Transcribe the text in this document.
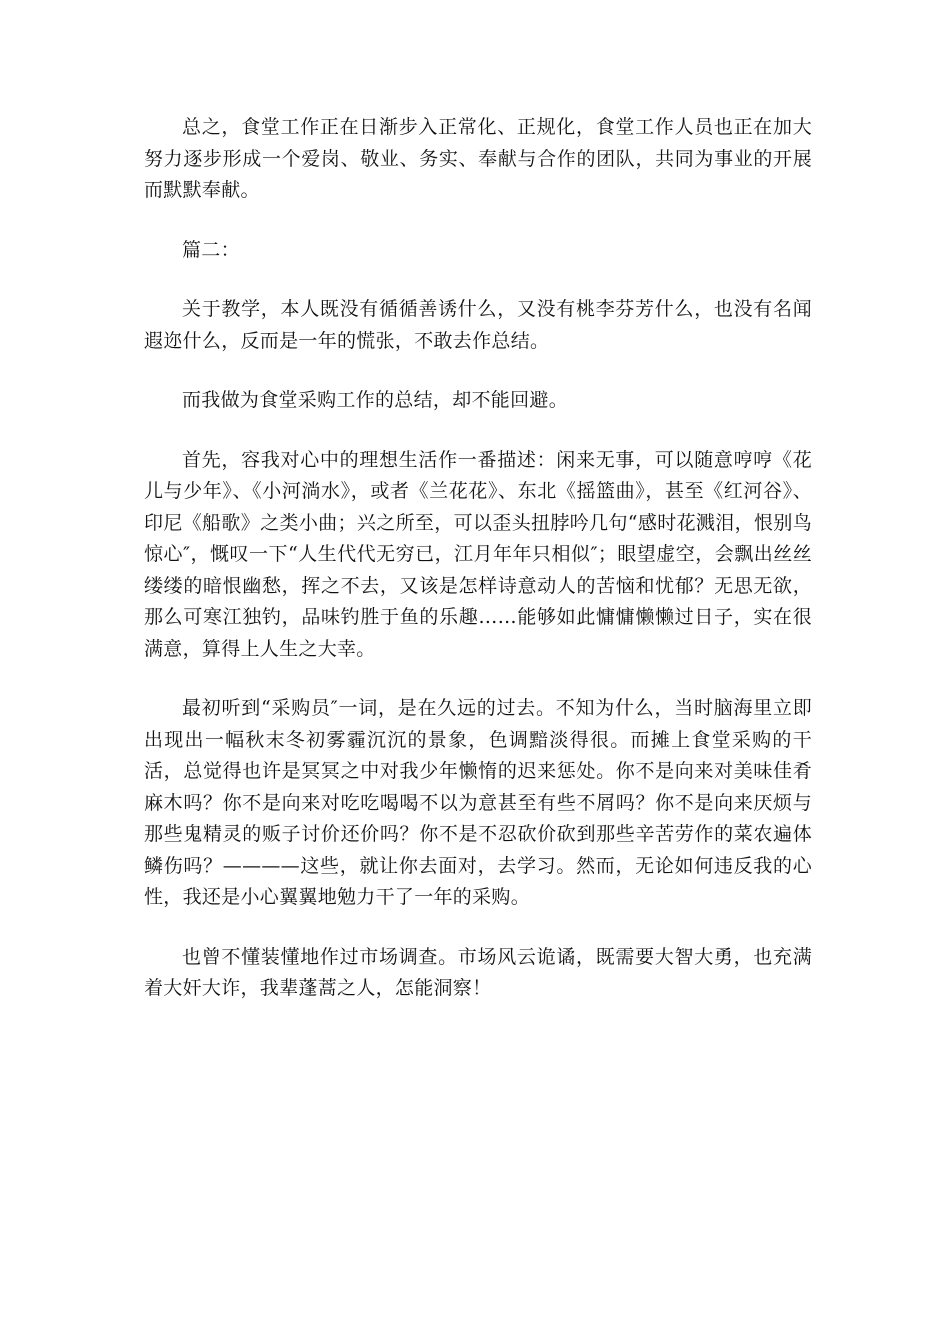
总之，食堂工作正在日渐步入正常化、正规化，食堂工作人员也正在加大努力逐步形成一个爱岗、敬业、务实、奉献与合作的团队，共同为事业的开展而默默奉献。

篇二：

关于教学，本人既没有循循善诱什么，又没有桃李芬芳什么，也没有名闻遐迩什么，反而是一年的慌张，不敢去作总结。

而我做为食堂采购工作的总结，却不能回避。

首先，容我对心中的理想生活作一番描述：闲来无事，可以随意哼哼《花儿与少年》、《小河淌水》，或者《兰花花》、东北《摇篮曲》，甚至《红河谷》、印尼《船歌》之类小曲；兴之所至，可以歪头扭脖吟几句“感时花溅泪，恨别鸟惊心″，慨叹一下“人生代代无穷已，江月年年只相似″；眼望虚空，会飘出丝丝缕缕的暗恨幽愁，挥之不去，又该是怎样诗意动人的苦恼和忧郁？无思无欲，那么可寒江独钓，品味钓胜于鱼的乐趣……能够如此慵慵懒懒过日子，实在很满意，算得上人生之大幸。

最初听到“采购员″一词，是在久远的过去。不知为什么，当时脑海里立即出现出一幅秋末冬初雾霾沉沉的景象，色调黯淡得很。而摊上食堂采购的干活，总觉得也许是冥冥之中对我少年懒惰的迟来惩处。你不是向来对美味佳肴麻木吗？你不是向来对吃吃喝喝不以为意甚至有些不屑吗？你不是向来厌烦与那些鬼精灵的贩子讨价还价吗？你不是不忍砍价砍到那些辛苦劳作的菜农遍体鳞伤吗？————这些，就让你去面对，去学习。然而，无论如何违反我的心性，我还是小心翼翼地勉力干了一年的采购。

也曾不懂装懂地作过市场调查。市场风云诡谲，既需要大智大勇，也充满着大奸大诈，我辈蓬蒿之人，怎能洞察！
